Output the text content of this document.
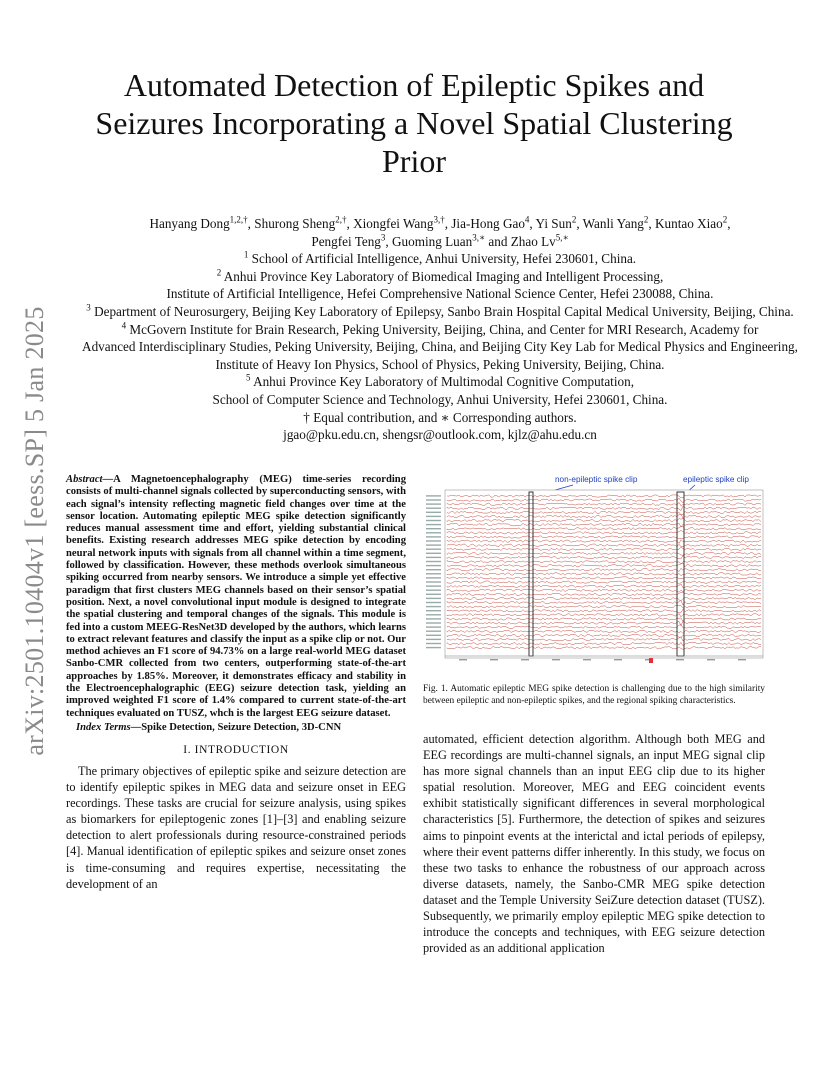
arXiv:2501.10404v1 [eess.SP] 5 Jan 2025
Automated Detection of Epileptic Spikes and
Seizures Incorporating a Novel Spatial Clustering
Prior
Hanyang Dong$^{1,2,\dagger}$, Shurong Sheng$^{2,\dagger}$, Xiongfei Wang$^{3,\dagger}$, Jia-Hong Gao$^4$, Yi Sun$^2$, Wanli Yang$^2$, Kuntao Xiao$^2$,
Pengfei Teng$^3$, Guoming Luan$^{3,∗}$ and Zhao $Lv^{5,∗}$
$^1$ School of Artificial Intelligence, Anhui University, Hefei 230601, China.
$^2$ Anhui Province Key Laboratory of Biomedical Imaging and Intelligent Processing,
Institute of Artificial Intelligence, Hefei Comprehensive National Science Center, Hefei 230088, China.
$^3$ Department of Neurosurgery, Beijing Key Laboratory of Epilepsy, Sanbo Brain Hospital Capital Medical University, Beijing, China.
$^4$ McGovern Institute for Brain Research, Peking University, Beijing, China, and Center for MRI Research, Academy for
Advanced Interdisciplinary Studies, Peking University, Beijing, China, and Beijing City Key Lab for Medical Physics and Engineering,
Institute of Heavy Ion Physics, School of Physics, Peking University, Beijing, China.
$^5$ Anhui Province Key Laboratory of Multimodal Cognitive Computation,
School of Computer Science and Technology, Anhui University, Hefei 230601, China.
† Equal contribution, and ∗ Corresponding authors.
jgao@pku.edu.cn, shengsr@outlook.com, kjlz@ahu.edu.cn
Abstract—A Magnetoencephalography (MEG) time-series recording consists of multi-channel signals collected by superconducting sensors, with each signal’s intensity reflecting magnetic field changes over time at the sensor location. Automating epileptic MEG spike detection significantly reduces manual assessment time and effort, yielding substantial clinical benefits. Existing research addresses MEG spike detection by encoding neural network inputs with signals from all channel within a time segment, followed by classification. However, these methods overlook simultaneous spiking occurred from nearby sensors. We introduce a simple yet effective paradigm that first clusters MEG channels based on their sensor’s spatial position. Next, a novel convolutional input module is designed to integrate the spatial clustering and temporal changes of the signals. This module is fed into a custom MEEG-ResNet3D developed by the authors, which learns to extract relevant features and classify the input as a spike clip or not. Our method achieves an F1 score of 94.73% on a large real-world MEG dataset Sanbo-CMR collected from two centers, outperforming state-of-the-art approaches by 1.85%. Moreover, it demonstrates efficacy and stability in the Electroencephalographic (EEG) seizure detection task, yielding an improved weighted F1 score of 1.4% compared to current state-of-the-art techniques evaluated on TUSZ, whch is the largest EEG seizure dataset.
Index Terms—Spike Detection, Seizure Detection, 3D-CNN
I. INTRODUCTION
The primary objectives of epileptic spike and seizure detection are to identify epileptic spikes in MEG data and seizure onset in EEG recordings. These tasks are crucial for seizure analysis, using spikes as biomarkers for epileptogenic zones [1]–[3] and enabling seizure detection to alert professionals during resource-constrained periods [4]. Manual identification of epileptic spikes and seizure onset zones is time-consuming and requires expertise, necessitating the development of an
non-epileptic spike clip	epileptic spike clip
Fig. 1. Automatic epileptic MEG spike detection is challenging due to the high similarity between epileptic and non-epileptic spikes, and the regional spiking characteristics.
automated, efficient detection algorithm. Although both MEG and EEG recordings are multi-channel signals, an input MEG signal clip has more signal channels than an input EEG clip due to its higher spatial resolution. Moreover, MEG and EEG coincident events exhibit statistically significant differences in several morphological characteristics [5]. Furthermore, the detection of spikes and seizures aims to pinpoint events at the interictal and ictal periods of epilepsy, where their event patterns differ inherently. In this study, we focus on these two tasks to enhance the robustness of our approach across diverse datasets, namely, the Sanbo-CMR MEG spike detection dataset and the Temple University SeiZure detection dataset (TUSZ). Subsequently, we primarily employ epileptic MEG spike detection to introduce the concepts and techniques, with EEG seizure detection provided as an additional application
